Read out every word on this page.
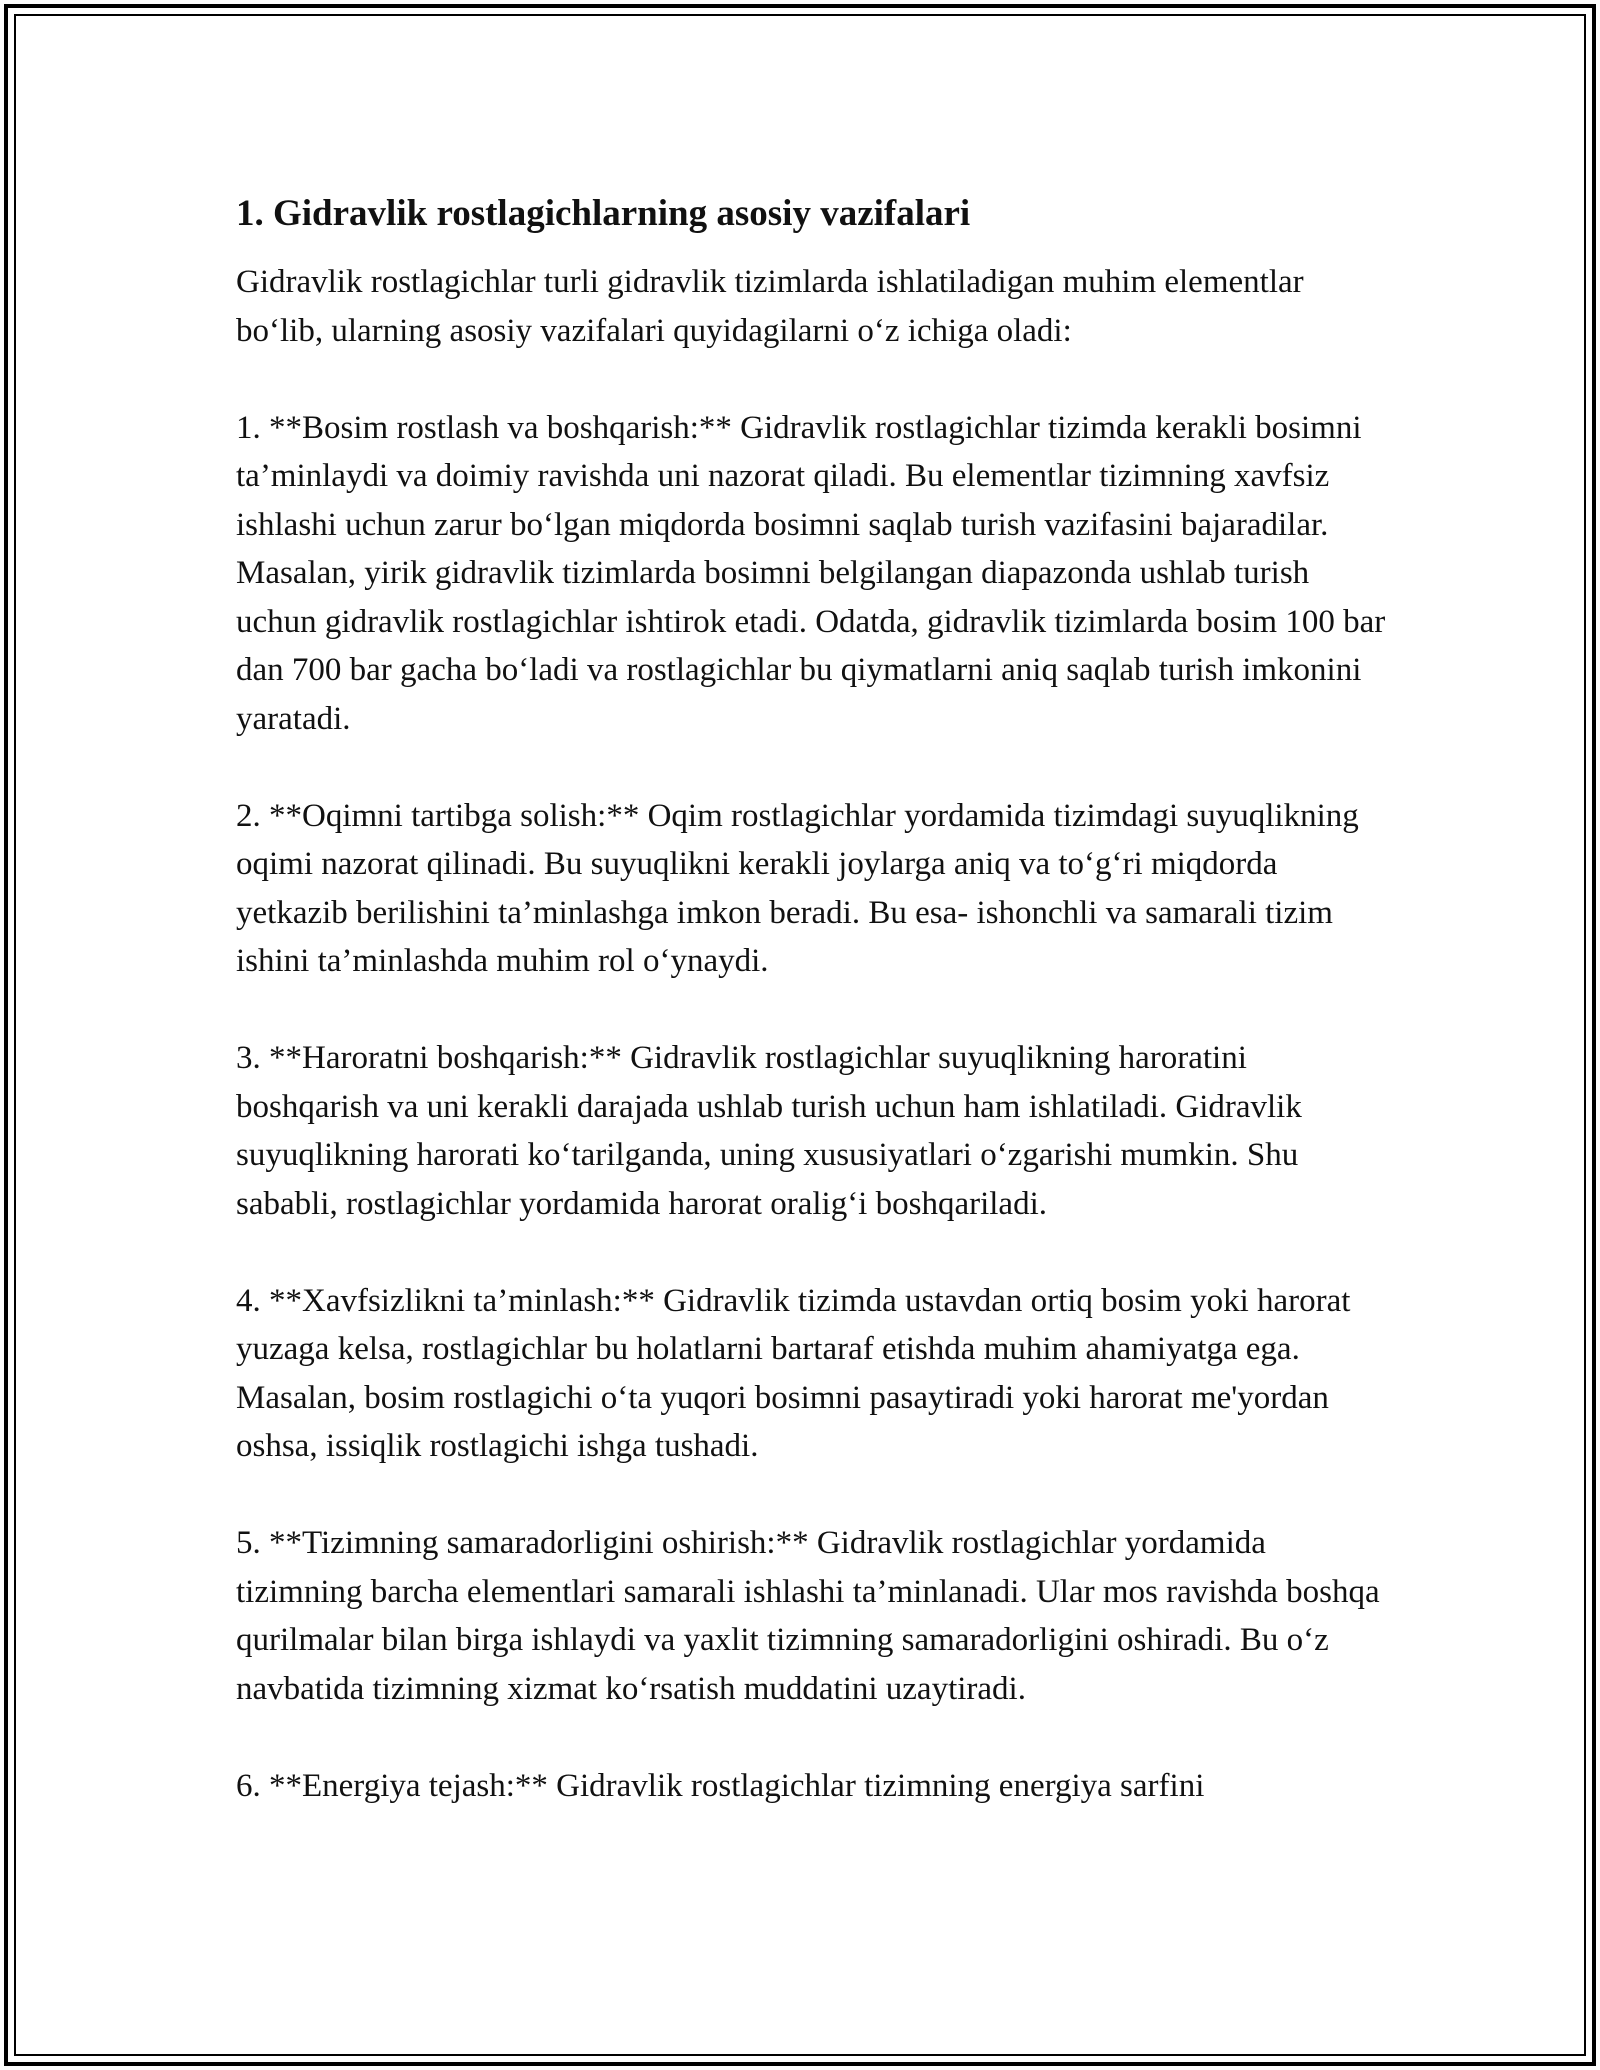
1. Gidravlik rostlagichlarning asosiy vazifalari

Gidravlik rostlagichlar turli gidravlik tizimlarda ishlatiladigan muhim elementlar bo‘lib, ularning asosiy vazifalari quyidagilarni o‘z ichiga oladi:

1. **Bosim rostlash va boshqarish:** Gidravlik rostlagichlar tizimda kerakli bosimni ta’minlaydi va doimiy ravishda uni nazorat qiladi. Bu elementlar tizimning xavfsiz ishlashi uchun zarur bo‘lgan miqdorda bosimni saqlab turish vazifasini bajaradilar. Masalan, yirik gidravlik tizimlarda bosimni belgilangan diapazonda ushlab turish uchun gidravlik rostlagichlar ishtirok etadi. Odatda, gidravlik tizimlarda bosim 100 bar dan 700 bar gacha bo‘ladi va rostlagichlar bu qiymatlarni aniq saqlab turish imkonini yaratadi.

2. **Oqimni tartibga solish:** Oqim rostlagichlar yordamida tizimdagi suyuqlikning oqimi nazorat qilinadi. Bu suyuqlikni kerakli joylarga aniq va to‘g‘ri miqdorda yetkazib berilishini ta’minlashga imkon beradi. Bu esa- ishonchli va samarali tizim ishini ta’minlashda muhim rol o‘ynaydi.

3. **Haroratni boshqarish:** Gidravlik rostlagichlar suyuqlikning haroratini boshqarish va uni kerakli darajada ushlab turish uchun ham ishlatiladi. Gidravlik suyuqlikning harorati ko‘tarilganda, uning xususiyatlari o‘zgarishi mumkin. Shu sababli, rostlagichlar yordamida harorat oralig‘i boshqariladi.

4. **Xavfsizlikni ta’minlash:** Gidravlik tizimda ustavdan ortiq bosim yoki harorat yuzaga kelsa, rostlagichlar bu holatlarni bartaraf etishda muhim ahamiyatga ega. Masalan, bosim rostlagichi o‘ta yuqori bosimni pasaytiradi yoki harorat me'yordan oshsa, issiqlik rostlagichi ishga tushadi.

5. **Tizimning samaradorligini oshirish:** Gidravlik rostlagichlar yordamida tizimning barcha elementlari samarali ishlashi ta’minlanadi. Ular mos ravishda boshqa qurilmalar bilan birga ishlaydi va yaxlit tizimning samaradorligini oshiradi. Bu o‘z navbatida tizimning xizmat ko‘rsatish muddatini uzaytiradi.

6. **Energiya tejash:** Gidravlik rostlagichlar tizimning energiya sarfini
